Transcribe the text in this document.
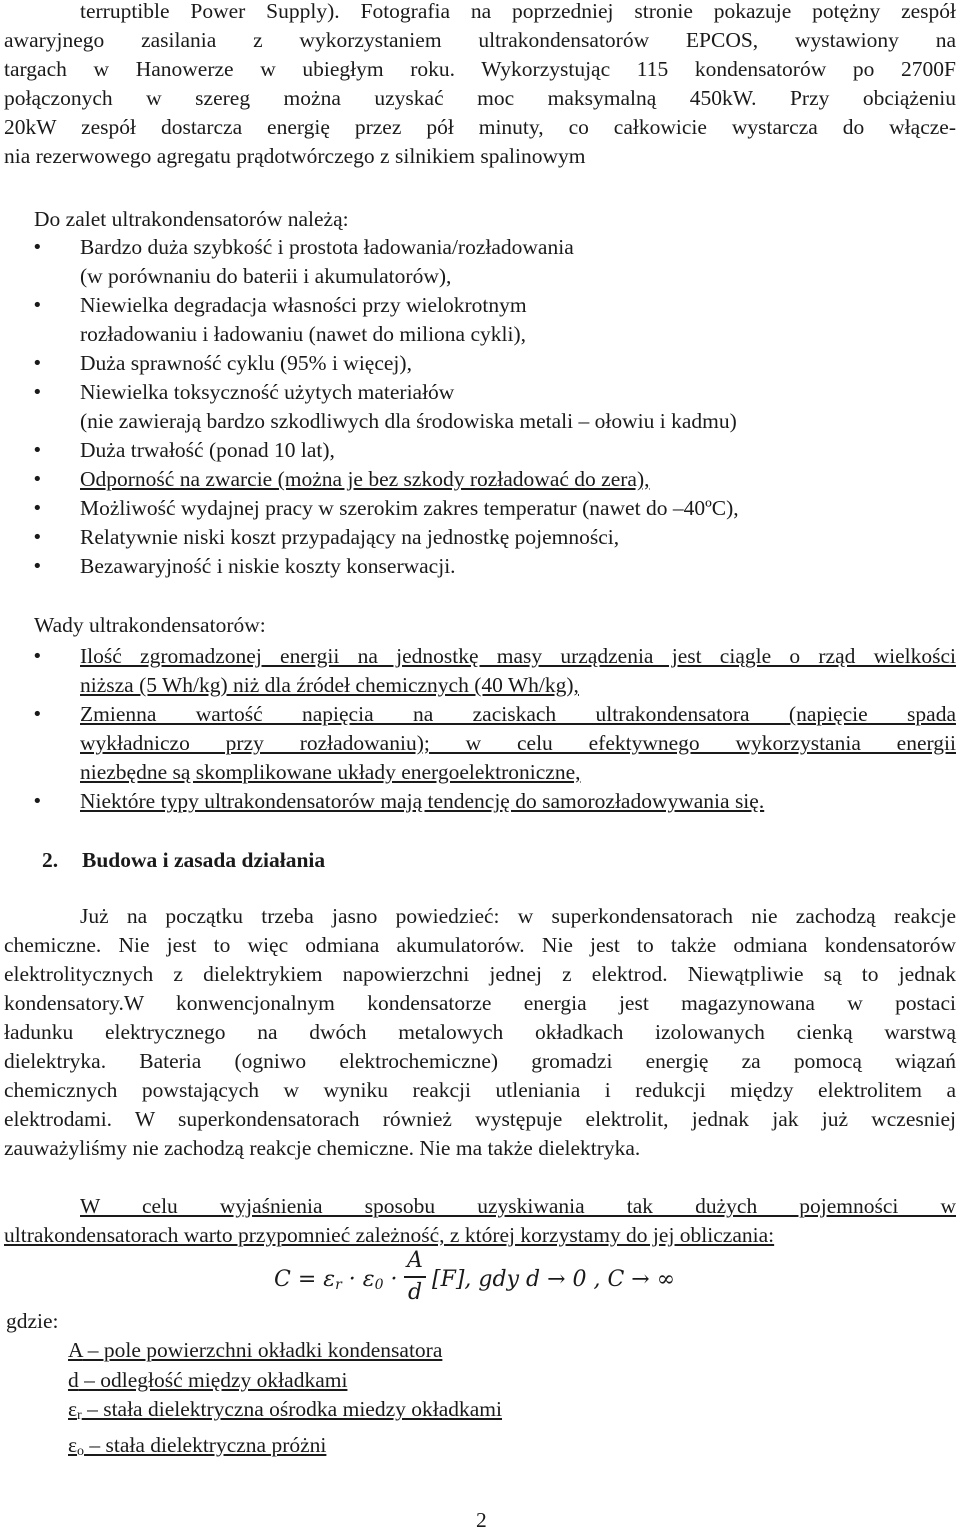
terruptible Power Supply). Fotografia na poprzedniej stronie pokazuje potężny zespół
awaryjnego zasilania z wykorzystaniem ultrakondensatorów EPCOS, wystawiony na
targach w Hanowerze w ubiegłym roku. Wykorzystując 115 kondensatorów po 2700F
połączonych w szereg można uzyskać moc maksymalną 450kW. Przy obciążeniu
20kW zespół dostarcza energię przez pół minuty, co całkowicie wystarcza do włącze-
nia rezerwowego agregatu prądotwórczego z silnikiem spalinowym
Do zalet ultrakondensatorów należą:
• Bardzo duża szybkość i prostota ładowania/rozładowania
(w porównaniu do baterii i akumulatorów),
• Niewielka degradacja własności przy wielokrotnym
rozładowaniu i ładowaniu (nawet do miliona cykli),
• Duża sprawność cyklu (95% i więcej),
• Niewielka toksyczność użytych materiałów
(nie zawierają bardzo szkodliwych dla środowiska metali – ołowiu i kadmu)
• Duża trwałość (ponad 10 lat),
• Odporność na zwarcie (można je bez szkody rozładować do zera),
• Możliwość wydajnej pracy w szerokim zakres temperatur (nawet do –40ºC),
• Relatywnie niski koszt przypadający na jednostkę pojemności,
• Bezawaryjność i niskie koszty konserwacji.
Wady ultrakondensatorów:
• Ilość zgromadzonej energii na jednostkę masy urządzenia jest ciągle o rząd wielkości
niższa (5 Wh/kg) niż dla źródeł chemicznych (40 Wh/kg),
• Zmienna wartość napięcia na zaciskach ultrakondensatora (napięcie spada
wykładniczo przy rozładowaniu); w celu efektywnego wykorzystania energii
niezbędne są skomplikowane układy energoelektroniczne,
• Niektóre typy ultrakondensatorów mają tendencję do samorozładowywania się.
2. Budowa i zasada działania
Już na początku trzeba jasno powiedzieć: w superkondensatorach nie zachodzą reakcje
chemiczne. Nie jest to więc odmiana akumulatorów. Nie jest to także odmiana kondensatorów
elektrolitycznych z dielektrykiem napowierzchni jednej z elektrod. Niewątpliwie są to jednak
kondensatory.W konwencjonalnym kondensatorze energia jest magazynowana w postaci
ładunku elektrycznego na dwóch metalowych okładkach izolowanych cienką warstwą
dielektryka. Bateria (ogniwo elektrochemiczne) gromadzi energię za pomocą wiązań
chemicznych powstających w wyniku reakcji utleniania i redukcji między elektrolitem a
elektrodami. W superkondensatorach również występuje elektrolit, jednak jak już wczesniej
zauważyliśmy nie zachodzą reakcje chemiczne. Nie ma także dielektryka.
W celu wyjaśnienia sposobu uzyskiwania tak dużych pojemności w
ultrakondensatorach warto przypomnieć zależność, z której korzystamy do jej obliczania:
$C = \varepsilon_r \cdot \varepsilon_0$ ·
A
d [F], gdy d → 0 , C → ∞
gdzie:
A – pole powierzchni okładki kondensatora
d – odległość między okładkami
$\varepsilon_r$ – stała dielektryczna ośrodka miedzy okładkami
$\varepsilon_o$ – stała dielektryczna próżni
2
